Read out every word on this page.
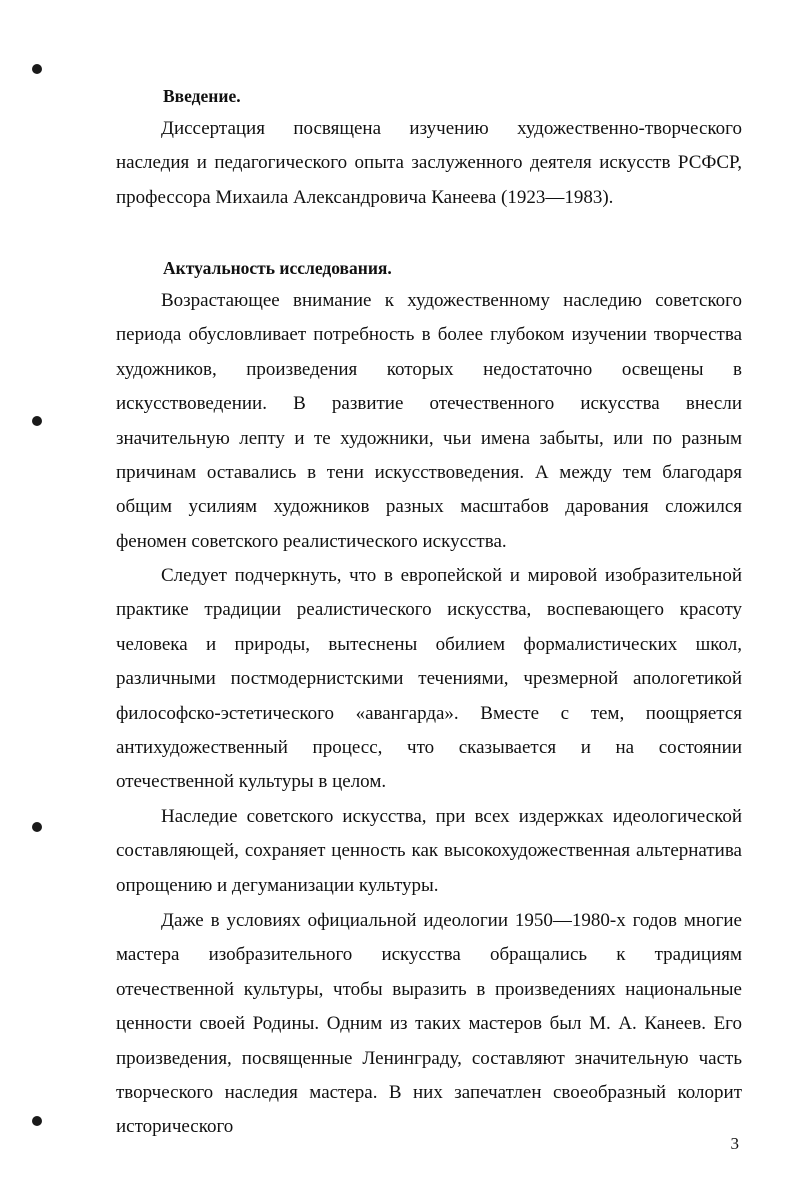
Введение.

Диссертация посвящена изучению художественно-творческого наследия и педагогического опыта заслуженного деятеля искусств РСФСР, профессора Михаила Александровича Канеева (1923—1983).

Актуальность исследования.

Возрастающее внимание к художественному наследию советского периода обусловливает потребность в более глубоком изучении творчества художников, произведения которых недостаточно освещены в искусствоведении. В развитие отечественного искусства внесли значительную лепту и те художники, чьи имена забыты, или по разным причинам оставались в тени искусствоведения. А между тем благодаря общим усилиям художников разных масштабов дарования сложился феномен советского реалистического искусства.

Следует подчеркнуть, что в европейской и мировой изобразительной практике традиции реалистического искусства, воспевающего красоту человека и природы, вытеснены обилием формалистических школ, различными постмодернистскими течениями, чрезмерной апологетикой философско-эстетического «авангарда». Вместе с тем, поощряется антихудожественный процесс, что сказывается и на состоянии отечественной культуры в целом.

Наследие советского искусства, при всех издержках идеологической составляющей, сохраняет ценность как высокохудожественная альтернатива опрощению и дегуманизации культуры.

Даже в условиях официальной идеологии 1950—1980-х годов многие мастера изобразительного искусства обращались к традициям отечественной культуры, чтобы выразить в произведениях национальные ценности своей Родины. Одним из таких мастеров был М. А. Канеев. Его произведения, посвященные Ленинграду, составляют значительную часть творческого наследия мастера. В них запечатлен своеобразный колорит исторического

3
